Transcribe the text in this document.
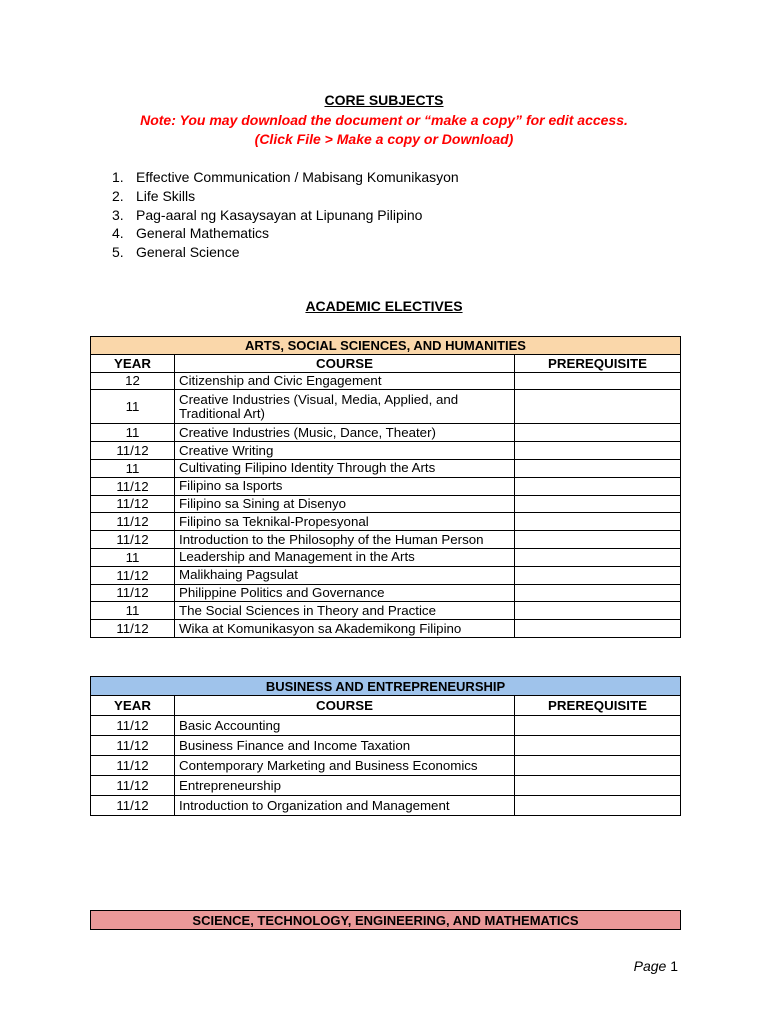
CORE SUBJECTS
Note: You may download the document or “make a copy” for edit access.
(Click File > Make a copy or Download)
1. Effective Communication / Mabisang Komunikasyon
2. Life Skills
3. Pag-aaral ng Kasaysayan at Lipunang Pilipino
4. General Mathematics
5. General Science
ACADEMIC ELECTIVES
ARTS, SOCIAL SCIENCES, AND HUMANITIES		
YEAR	COURSE	PREREQUISITE
12	Citizenship and Civic Engagement	
11	Creative Industries (Visual, Media, Applied, and Traditional Art)	
11	Creative Industries (Music, Dance, Theater)	
11/12	Creative Writing	
11	Cultivating Filipino Identity Through the Arts	
11/12	Filipino sa Isports	
11/12	Filipino sa Sining at Disenyo	
11/12	Filipino sa Teknikal-Propesyonal	
11/12	Introduction to the Philosophy of the Human Person	
11	Leadership and Management in the Arts	
11/12	Malikhaing Pagsulat	
11/12	Philippine Politics and Governance	
11	The Social Sciences in Theory and Practice	
11/12	Wika at Komunikasyon sa Akademikong Filipino	
BUSINESS AND ENTREPRENEURSHIP		
YEAR	COURSE	PREREQUISITE
11/12	Basic Accounting	
11/12	Business Finance and Income Taxation	
11/12	Contemporary Marketing and Business Economics	
11/12	Entrepreneurship	
11/12	Introduction to Organization and Management	
SCIENCE, TECHNOLOGY, ENGINEERING, AND MATHEMATICS
Page 1
